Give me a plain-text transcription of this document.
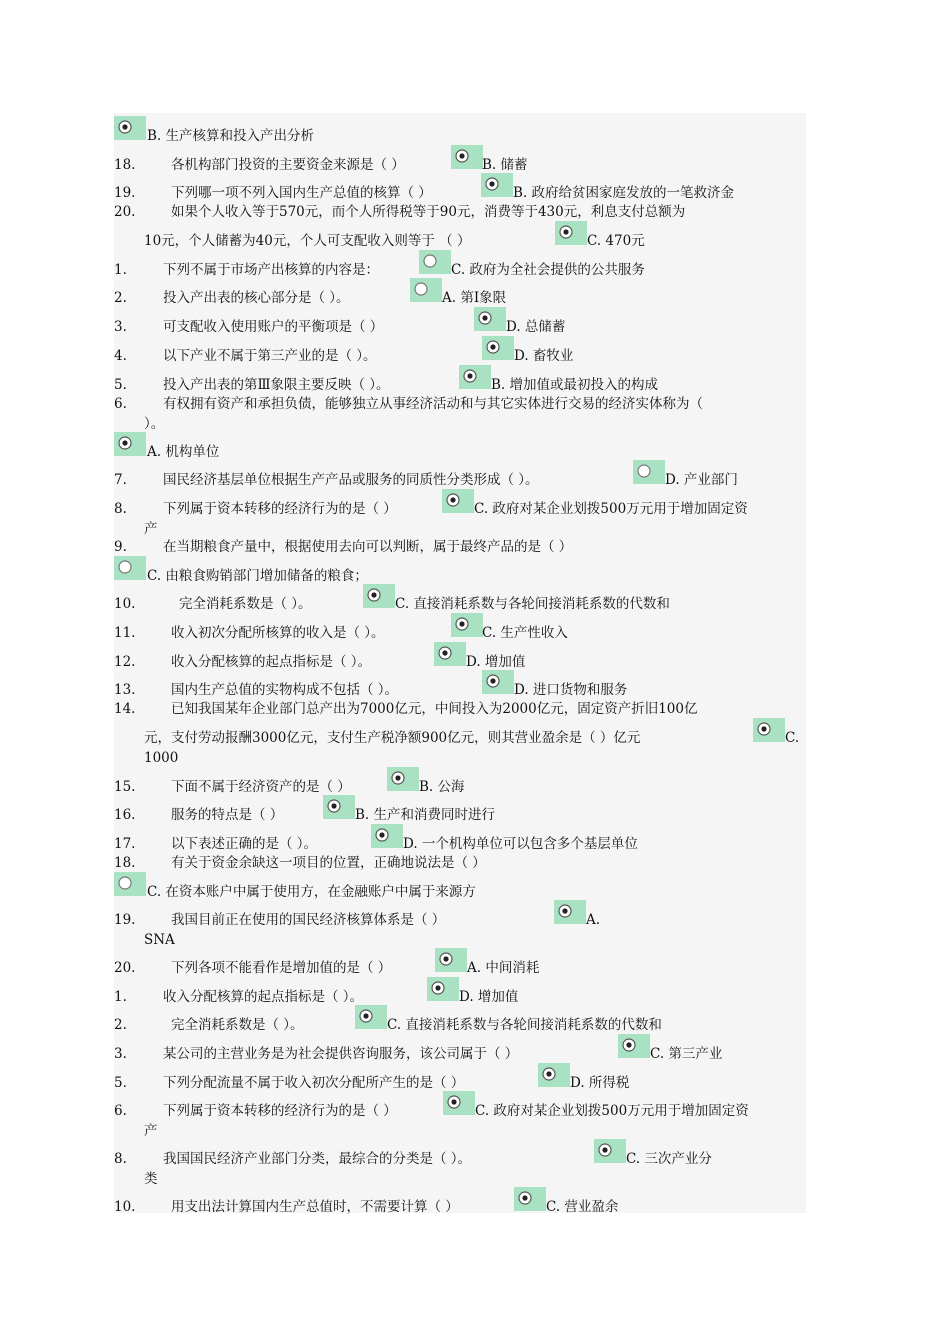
B. 生产核算和投入产出分析
18.	各机构部门投资的主要资金来源是（ ）	B. 储蓄
19.	下列哪一项不列入国内生产总值的核算（ ）	B. 政府给贫困家庭发放的一笔救济金
20.	如果个人收入等于570元，而个人所得税等于90元，消费等于430元，利息支付总额为
10元，个人储蓄为40元，个人可支配收入则等于 （ ）	C. 470元
1.	下列不属于市场产出核算的内容是：	C. 政府为全社会提供的公共服务
2.	投入产出表的核心部分是（ ）。	A. 第Ⅰ象限
3.	可支配收入使用账户的平衡项是（ ）	D. 总储蓄
4.	以下产业不属于第三产业的是（ ）。	D. 畜牧业
5.	投入产出表的第Ⅲ象限主要反映（ ）。	B. 增加值或最初投入的构成
6.	有权拥有资产和承担负债，能够独立从事经济活动和与其它实体进行交易的经济实体称为（
）。
A. 机构单位
7.	国民经济基层单位根据生产产品或服务的同质性分类形成（ ）。	D. 产业部门
8.	下列属于资本转移的经济行为的是（ ）	C. 政府对某企业划拨500万元用于增加固定资
产
9.	在当期粮食产量中，根据使用去向可以判断，属于最终产品的是（ ）
C. 由粮食购销部门增加储备的粮食；
10.	完全消耗系数是（ ）。	C. 直接消耗系数与各轮间接消耗系数的代数和
11.	收入初次分配所核算的收入是（ ）。	C. 生产性收入
12.	收入分配核算的起点指标是（ ）。	D. 增加值
13.	国内生产总值的实物构成不包括（ ）。	D. 进口货物和服务
14.	已知我国某年企业部门总产出为7000亿元，中间投入为2000亿元，固定资产折旧100亿
元，支付劳动报酬3000亿元，支付生产税净额900亿元，则其营业盈余是（ ）亿元	C.
1000
15.	下面不属于经济资产的是（ ）	B. 公海
16.	服务的特点是（ ）	B. 生产和消费同时进行
17.	以下表述正确的是（ ）。	D. 一个机构单位可以包含多个基层单位
18.	有关于资金余缺这一项目的位置，正确地说法是（ ）
C. 在资本账户中属于使用方，在金融账户中属于来源方
19.	我国目前正在使用的国民经济核算体系是（ ）	A.
SNA
20.	下列各项不能看作是增加值的是（ ）	A. 中间消耗
1.	收入分配核算的起点指标是（ ）。	D. 增加值
2.	完全消耗系数是（ ）。	C. 直接消耗系数与各轮间接消耗系数的代数和
3.	某公司的主营业务是为社会提供咨询服务，该公司属于（ ）	C. 第三产业
5.	下列分配流量不属于收入初次分配所产生的是（ ）	D. 所得税
6.	下列属于资本转移的经济行为的是（ ）	C. 政府对某企业划拨500万元用于增加固定资
产
8.	我国国民经济产业部门分类，最综合的分类是（ ）。	C. 三次产业分
类
10.	用支出法计算国内生产总值时，不需要计算（ ）	C. 营业盈余
